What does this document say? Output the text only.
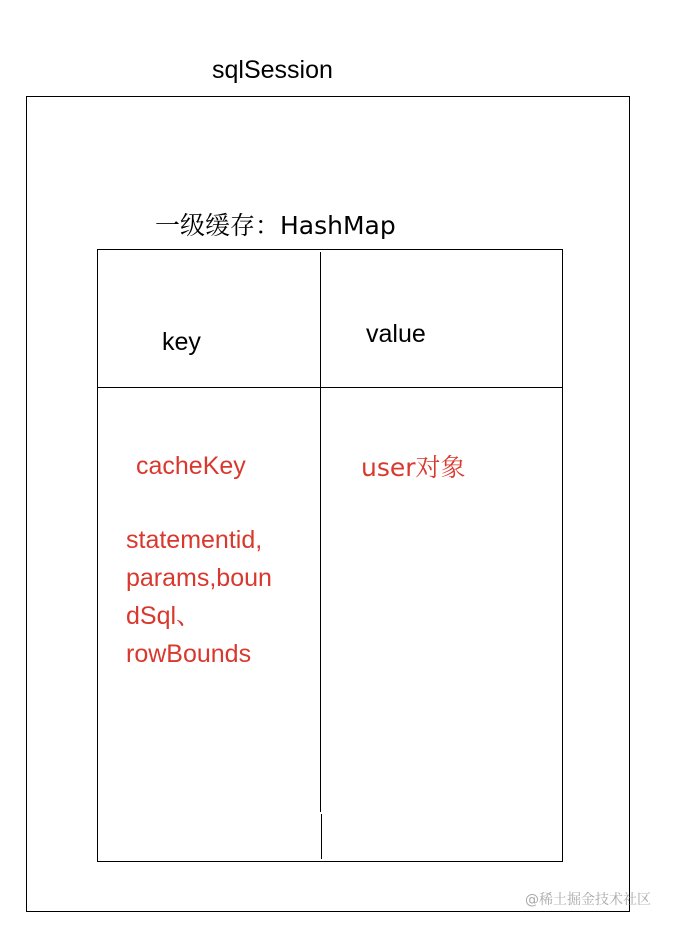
sqlSession
一级缓存：HashMap
key	value
cacheKey
statementid,
params,boun
dSql、
rowBounds
user对象
@稀土掘金技术社区
